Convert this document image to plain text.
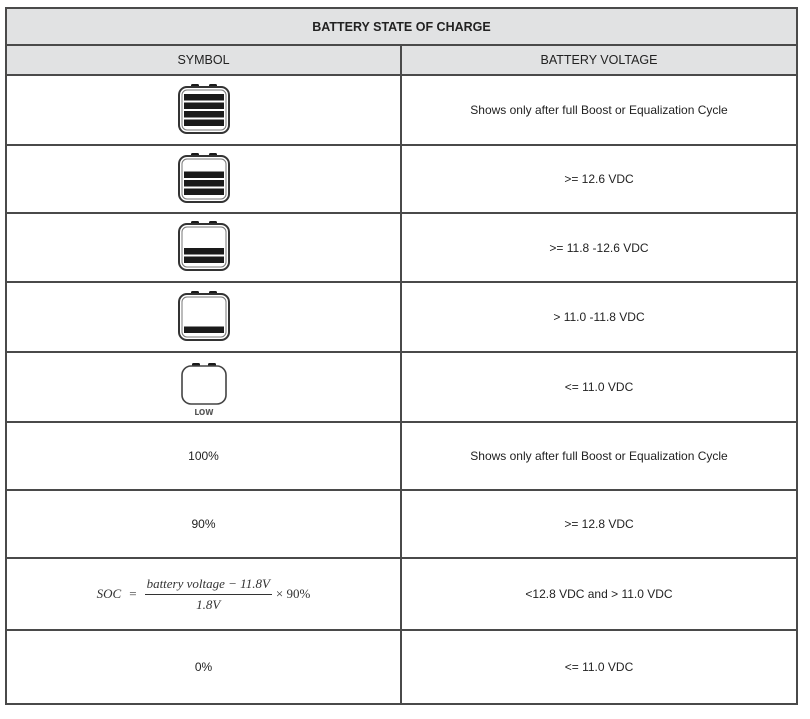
BATTERY STATE OF CHARGE	
SYMBOL	BATTERY VOLTAGE

	Shows only after full Boost or Equalization Cycle

	>= 12.6 VDC

	>= 11.8 -12.6 VDC

	> 11.0 -11.8 VDC

LOW	<= 11.0 VDC
100%	Shows only after full Boost or Equalization Cycle
90%	>= 12.8 VDC

SOC = $\frac{\text{battery voltage − 11.8V}}{1.8V} \times 90\%$	<12.8 VDC and > 11.0 VDC
0%	<= 11.0 VDC
